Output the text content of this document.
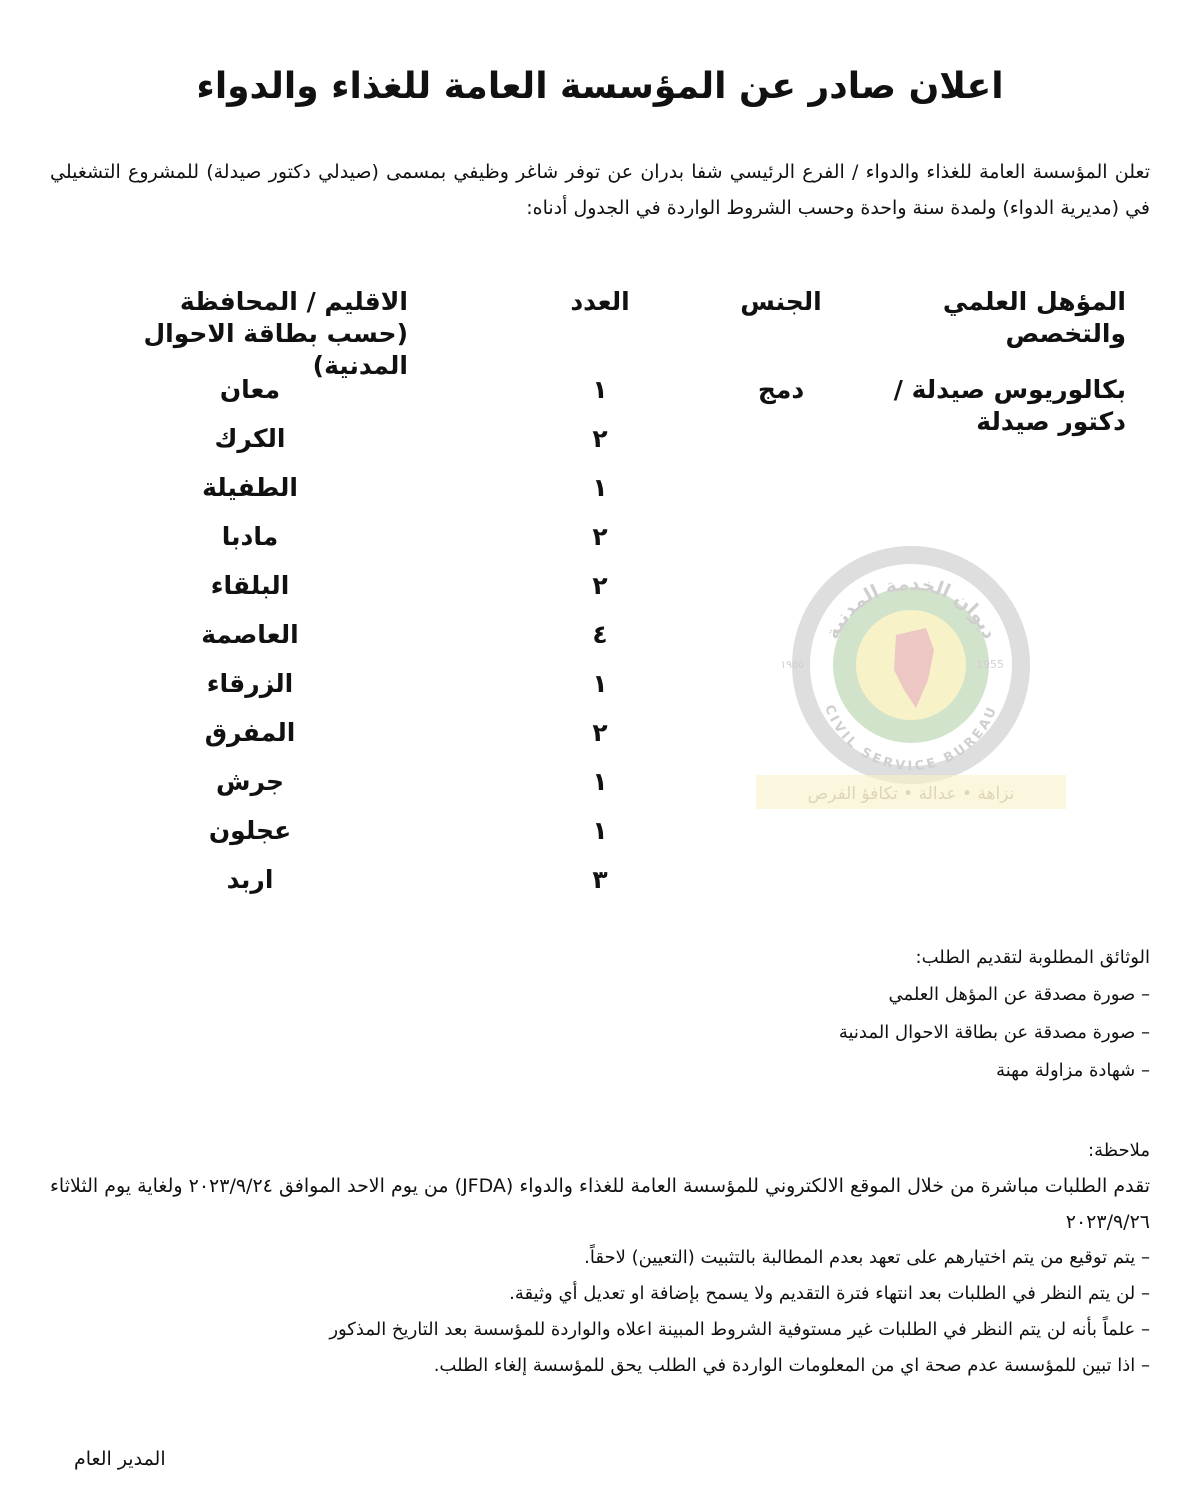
اعلان صادر عن المؤسسة العامة للغذاء والدواء

تعلن المؤسسة العامة للغذاء والدواء / الفرع الرئيسي شفا بدران عن توفر شاغر وظيفي بمسمى (صيدلي دكتور صيدلة) للمشروع التشغيلي في (مديرية الدواء) ولمدة سنة واحدة وحسب الشروط الواردة في الجدول أدناه:

ديوان الخدمة المدنية
CIVIL SERVICE BUREAU
1955
١٩٥٥
نزاهة • عدالة • تكافؤ الفرص
المؤهل العلمي والتخصص
الجنس
العدد
الاقليم / المحافظة (حسب بطاقة الاحوال المدنية)
بكالوريوس صيدلة / دكتور صيدلة
دمج
١
معان
٢
الكرك
١
الطفيلة
٢
مادبا
٢
البلقاء
٤
العاصمة
١
الزرقاء
٢
المفرق
١
جرش
١
عجلون
٣
اربد
الوثائق المطلوبة لتقديم الطلب:
– صورة مصدقة عن المؤهل العلمي
– صورة مصدقة عن بطاقة الاحوال المدنية
– شهادة مزاولة مهنة
ملاحظة:
تقدم الطلبات مباشرة من خلال الموقع الالكتروني للمؤسسة العامة للغذاء والدواء (JFDA) من يوم الاحد الموافق ٢٠٢٣/٩/٢٤ ولغاية يوم الثلاثاء ٢٠٢٣/٩/٢٦
– يتم توقيع من يتم اختيارهم على تعهد بعدم المطالبة بالتثبيت (التعيين) لاحقاً.
– لن يتم النظر في الطلبات بعد انتهاء فترة التقديم ولا يسمح بإضافة او تعديل أي وثيقة.
– علماً بأنه لن يتم النظر في الطلبات غير مستوفية الشروط المبينة اعلاه والواردة للمؤسسة بعد التاريخ المذكور
– اذا تبين للمؤسسة عدم صحة اي من المعلومات الواردة في الطلب يحق للمؤسسة إلغاء الطلب.

المدير العام
